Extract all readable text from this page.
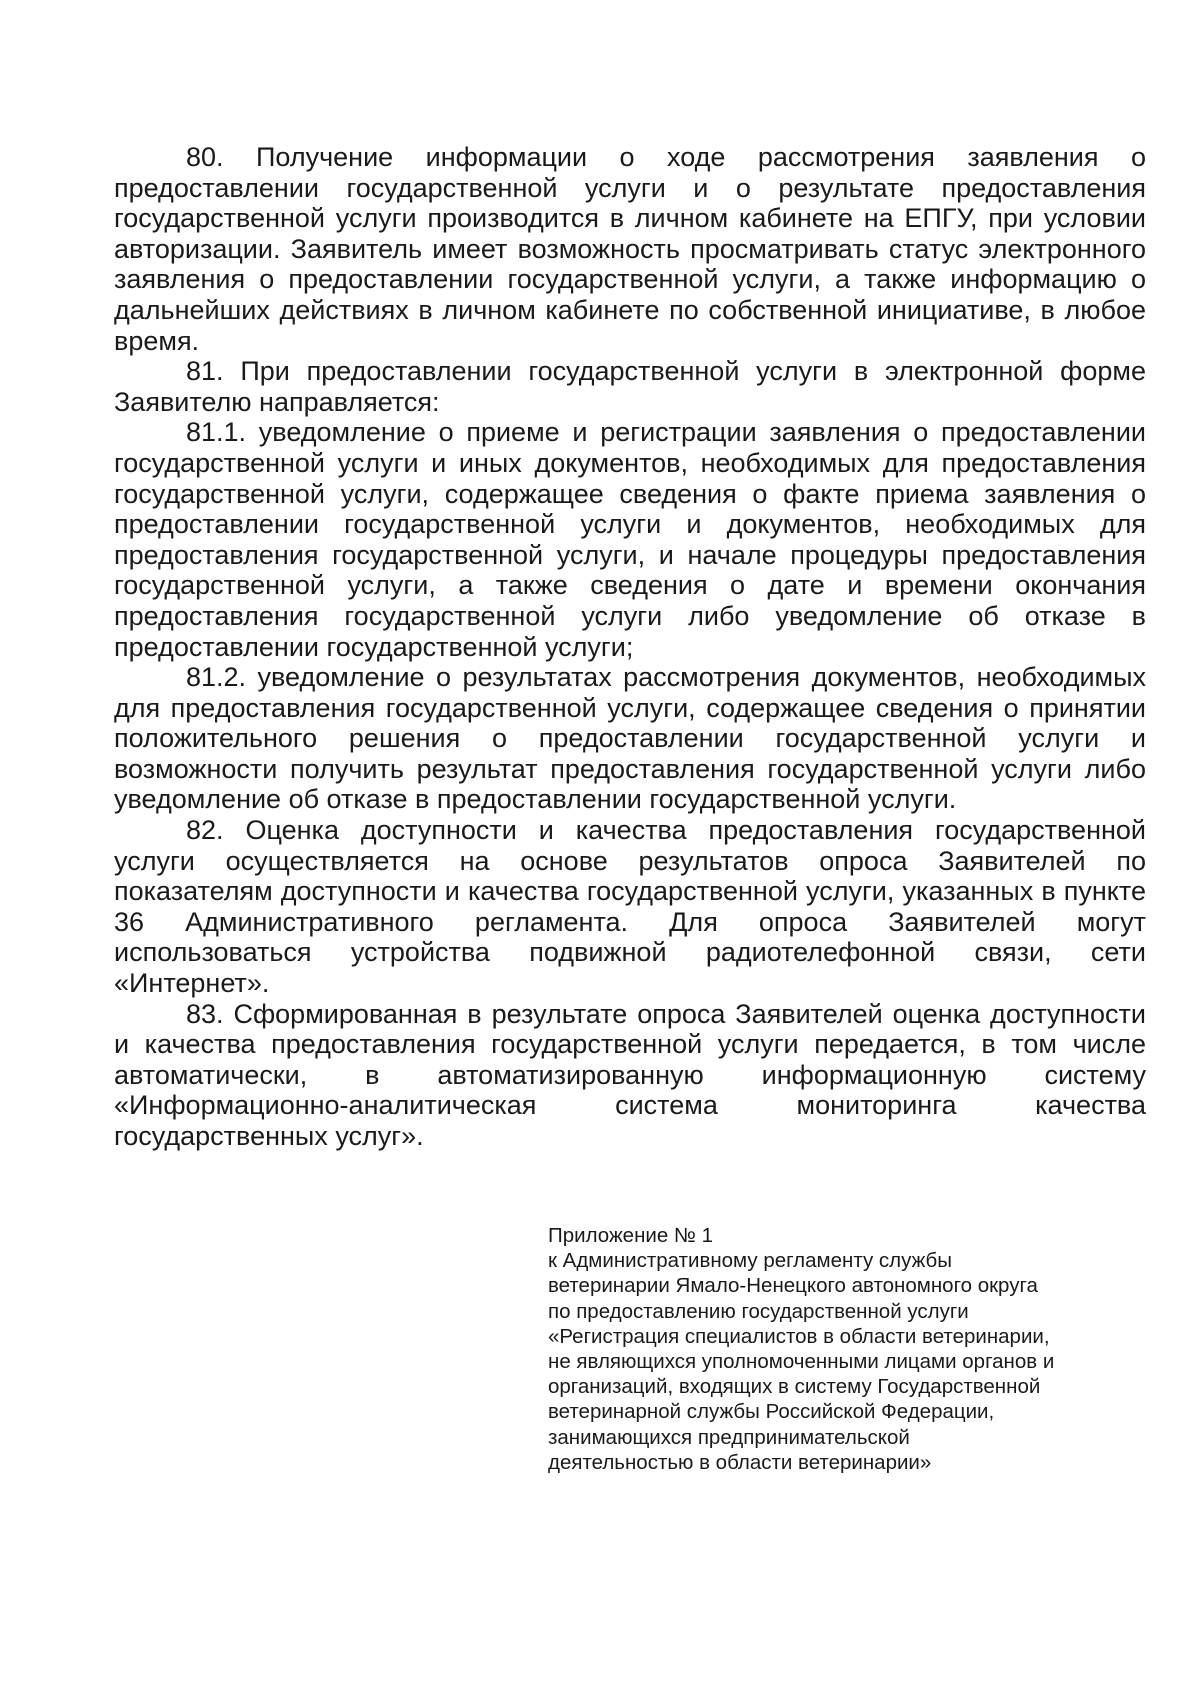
80. Получение информации о ходе рассмотрения заявления о предоставлении государственной услуги и о результате предоставления государственной услуги производится в личном кабинете на ЕПГУ, при условии авторизации. Заявитель имеет возможность просматривать статус электронного заявления о предоставлении государственной услуги, а также информацию о дальнейших действиях в личном кабинете по собственной инициативе, в любое время.

81. При предоставлении государственной услуги в электронной форме Заявителю направляется:

81.1. уведомление о приеме и регистрации заявления о предоставлении государственной услуги и иных документов, необходимых для предоставления государственной услуги, содержащее сведения о факте приема заявления о предоставлении государственной услуги и документов, необходимых для предоставления государственной услуги, и начале процедуры предоставления государственной услуги, а также сведения о дате и времени окончания предоставления государственной услуги либо уведомление об отказе в предоставлении государственной услуги;

81.2. уведомление о результатах рассмотрения документов, необходимых для предоставления государственной услуги, содержащее сведения о принятии положительного решения о предоставлении государственной услуги и возможности получить результат предоставления государственной услуги либо уведомление об отказе в предоставлении государственной услуги.

82. Оценка доступности и качества предоставления государственной услуги осуществляется на основе результатов опроса Заявителей по показателям доступности и качества государственной услуги, указанных в пункте 36 Административного регламента. Для опроса Заявителей могут использоваться устройства подвижной радиотелефонной связи, сети «Интернет».

83. Сформированная в результате опроса Заявителей оценка доступности и качества предоставления государственной услуги передается, в том числе автоматически, в автоматизированную информационную систему «Информационно-аналитическая система мониторинга качества государственных услуг».

Приложение № 1
к Административному регламенту службы
ветеринарии Ямало-Ненецкого автономного округа
по предоставлению государственной услуги
«Регистрация специалистов в области ветеринарии,
не являющихся уполномоченными лицами органов и
организаций, входящих в систему Государственной
ветеринарной службы Российской Федерации,
занимающихся предпринимательской
деятельностью в области ветеринарии»
